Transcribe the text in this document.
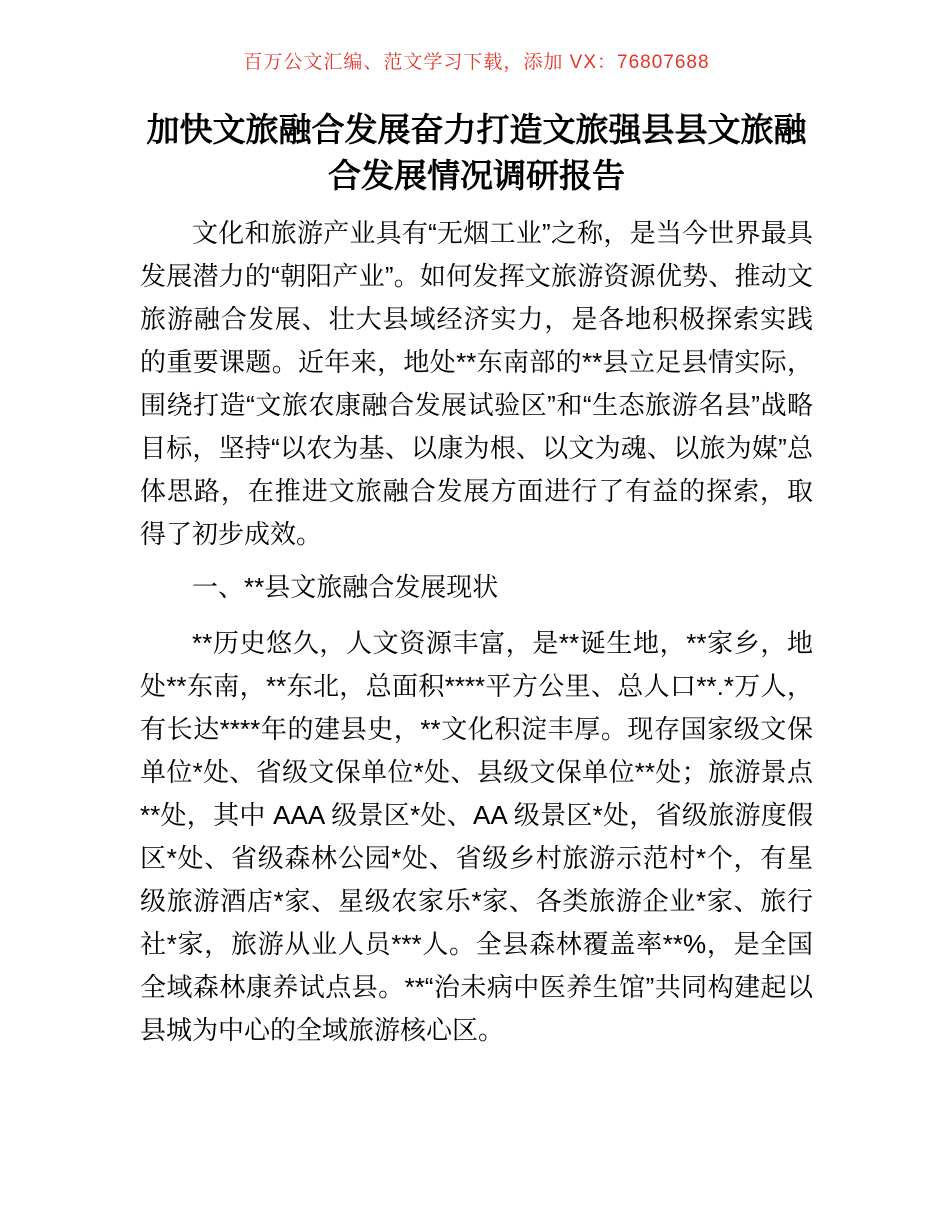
百万公文汇编、范文学习下载，添加 VX：76807688
加快文旅融合发展奋力打造文旅强县县文旅融合发展情况调研报告

文化和旅游产业具有“无烟工业”之称，是当今世界最具发展潜力的“朝阳产业”。如何发挥文旅游资源优势、推动文旅游融合发展、壮大县域经济实力，是各地积极探索实践的重要课题。近年来，地处**东南部的**县立足县情实际，围绕打造“文旅农康融合发展试验区”和“生态旅游名县”战略目标，坚持“以农为基、以康为根、以文为魂、以旅为媒”总体思路，在推进文旅融合发展方面进行了有益的探索，取得了初步成效。

一、**县文旅融合发展现状

**历史悠久，人文资源丰富，是**诞生地，**家乡，地处**东南，**东北，总面积****平方公里、总人口**.*万人，有长达****年的建县史，**文化积淀丰厚。现存国家级文保单位*处、省级文保单位*处、县级文保单位**处；旅游景点**处，其中 AAA 级景区*处、AA 级景区*处，省级旅游度假区*处、省级森林公园*处、省级乡村旅游示范村*个，有星级旅游酒店*家、星级农家乐*家、各类旅游企业*家、旅行社*家，旅游从业人员***人。全县森林覆盖率**%，是全国全域森林康养试点县。**“治未病中医养生馆”共同构建起以县城为中心的全域旅游核心区。
